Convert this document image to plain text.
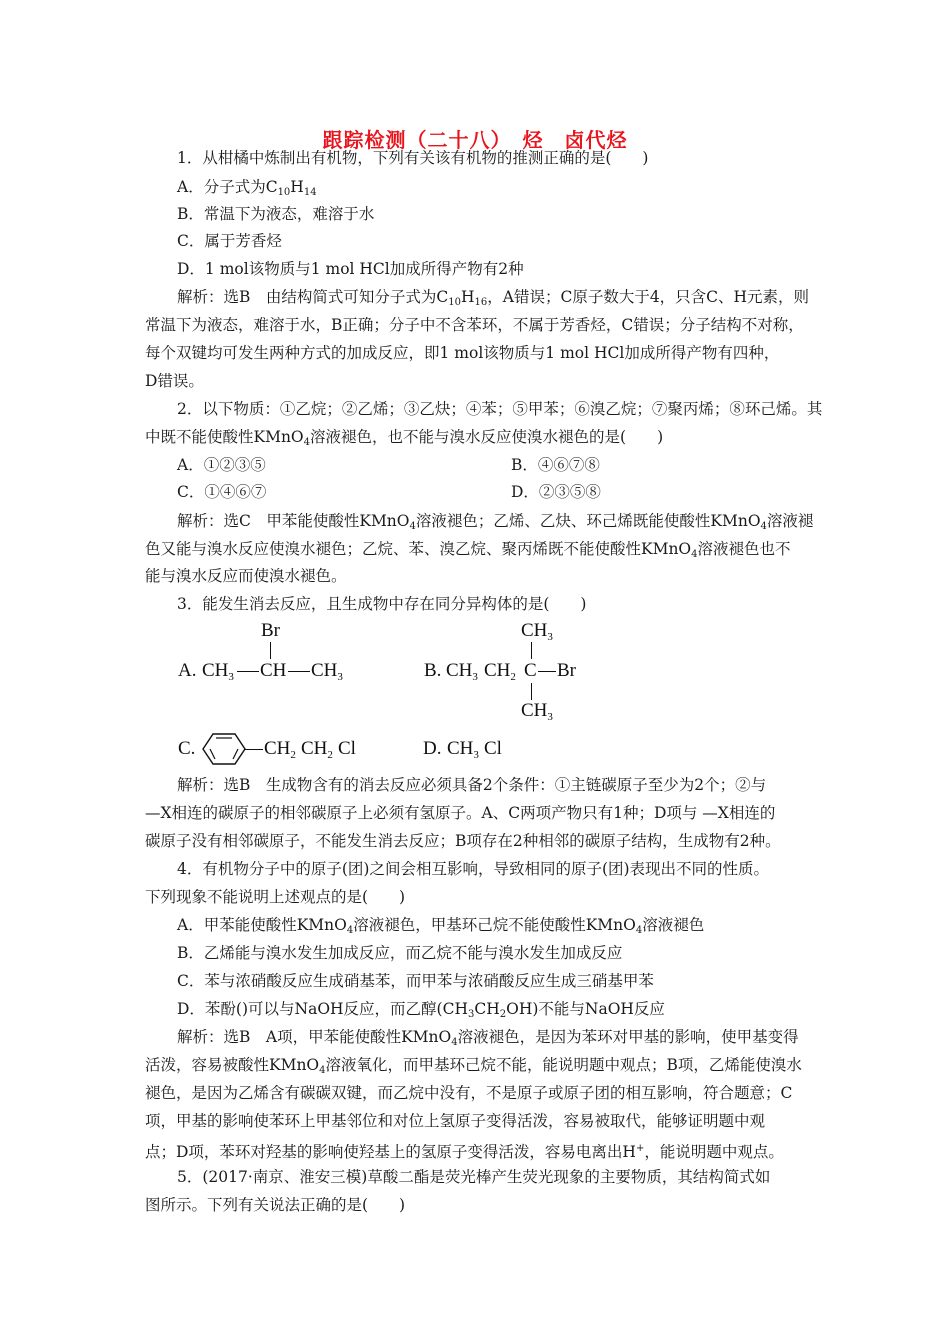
跟踪检测（二十八）　烃　卤代烃
1．从柑橘中炼制出有机物，下列有关该有机物的推测正确的是(　　)
A．分子式为$C_{10}H_{14}$
B．常温下为液态，难溶于水
C．属于芳香烃
D．1 mol该物质与1 mol HCl加成所得产物有2种
解析：选B　由结构简式可知分子式为$C_{10}H_{16}$，A错误；C原子数大于4，只含C、H元素，则
常温下为液态，难溶于水，B正确；分子中不含苯环，不属于芳香烃，C错误；分子结构不对称，
每个双键均可发生两种方式的加成反应，即1 mol该物质与1 mol HCl加成所得产物有四种，
D错误。
2．以下物质：①乙烷；②乙烯；③乙炔；④苯；⑤甲苯；⑥溴乙烷；⑦聚丙烯；⑧环己烯。其
中既不能使酸性KMnO$_4$溶液褪色，也不能与溴水反应使溴水褪色的是(　　)
A．①②③⑤	B．④⑥⑦⑧
C．①④⑥⑦	D．②③⑤⑧
解析：选C　甲苯能使酸性KMnO$_4$溶液褪色；乙烯、乙炔、环己烯既能使酸性KMnO$_4$溶液褪
色又能与溴水反应使溴水褪色；乙烷、苯、溴乙烷、聚丙烯既不能使酸性KMnO$_4$溶液褪色也不
能与溴水反应而使溴水褪色。
3．能发生消去反应，且生成物中存在同分异构体的是(　　)
Br
A. $CH_3$ CH $CH_3$
$CH_3$
B. $CH_3$ $CH_2$ C Br
$CH_3$
C.	$CH_2$ $CH_2$ Cl	D. $CH_3$ Cl
解析：选B　生成物含有的消去反应必须具备2个条件：①主链碳原子至少为2个；②与
—X相连的碳原子的相邻碳原子上必须有氢原子。A、C两项产物只有1种；D项与 —X相连的
碳原子没有相邻碳原子，不能发生消去反应；B项存在2种相邻的碳原子结构，生成物有2种。
4．有机物分子中的原子(团)之间会相互影响，导致相同的原子(团)表现出不同的性质。
下列现象不能说明上述观点的是(　　)
A．甲苯能使酸性KMnO$_4$溶液褪色，甲基环己烷不能使酸性KMnO$_4$溶液褪色
B．乙烯能与溴水发生加成反应，而乙烷不能与溴水发生加成反应
C．苯与浓硝酸反应生成硝基苯，而甲苯与浓硝酸反应生成三硝基甲苯
D．苯酚()可以与NaOH反应，而乙醇$(CH_3CH_2OH)$不能与NaOH反应
解析：选B　A项，甲苯能使酸性KMnO$_4$溶液褪色，是因为苯环对甲基的影响，使甲基变得
活泼，容易被酸性KMnO$_4$溶液氧化，而甲基环己烷不能，能说明题中观点；B项，乙烯能使溴水
褪色，是因为乙烯含有碳碳双键，而乙烷中没有，不是原子或原子团的相互影响，符合题意；C
项，甲基的影响使苯环上甲基邻位和对位上氢原子变得活泼，容易被取代，能够证明题中观
点；D项，苯环对羟基的影响使羟基上的氢原子变得活泼，容易电离出H+，能说明题中观点。
5．(2017·南京、淮安三模)草酸二酯是荧光棒产生荧光现象的主要物质，其结构简式如
图所示。下列有关说法正确的是(　　)
